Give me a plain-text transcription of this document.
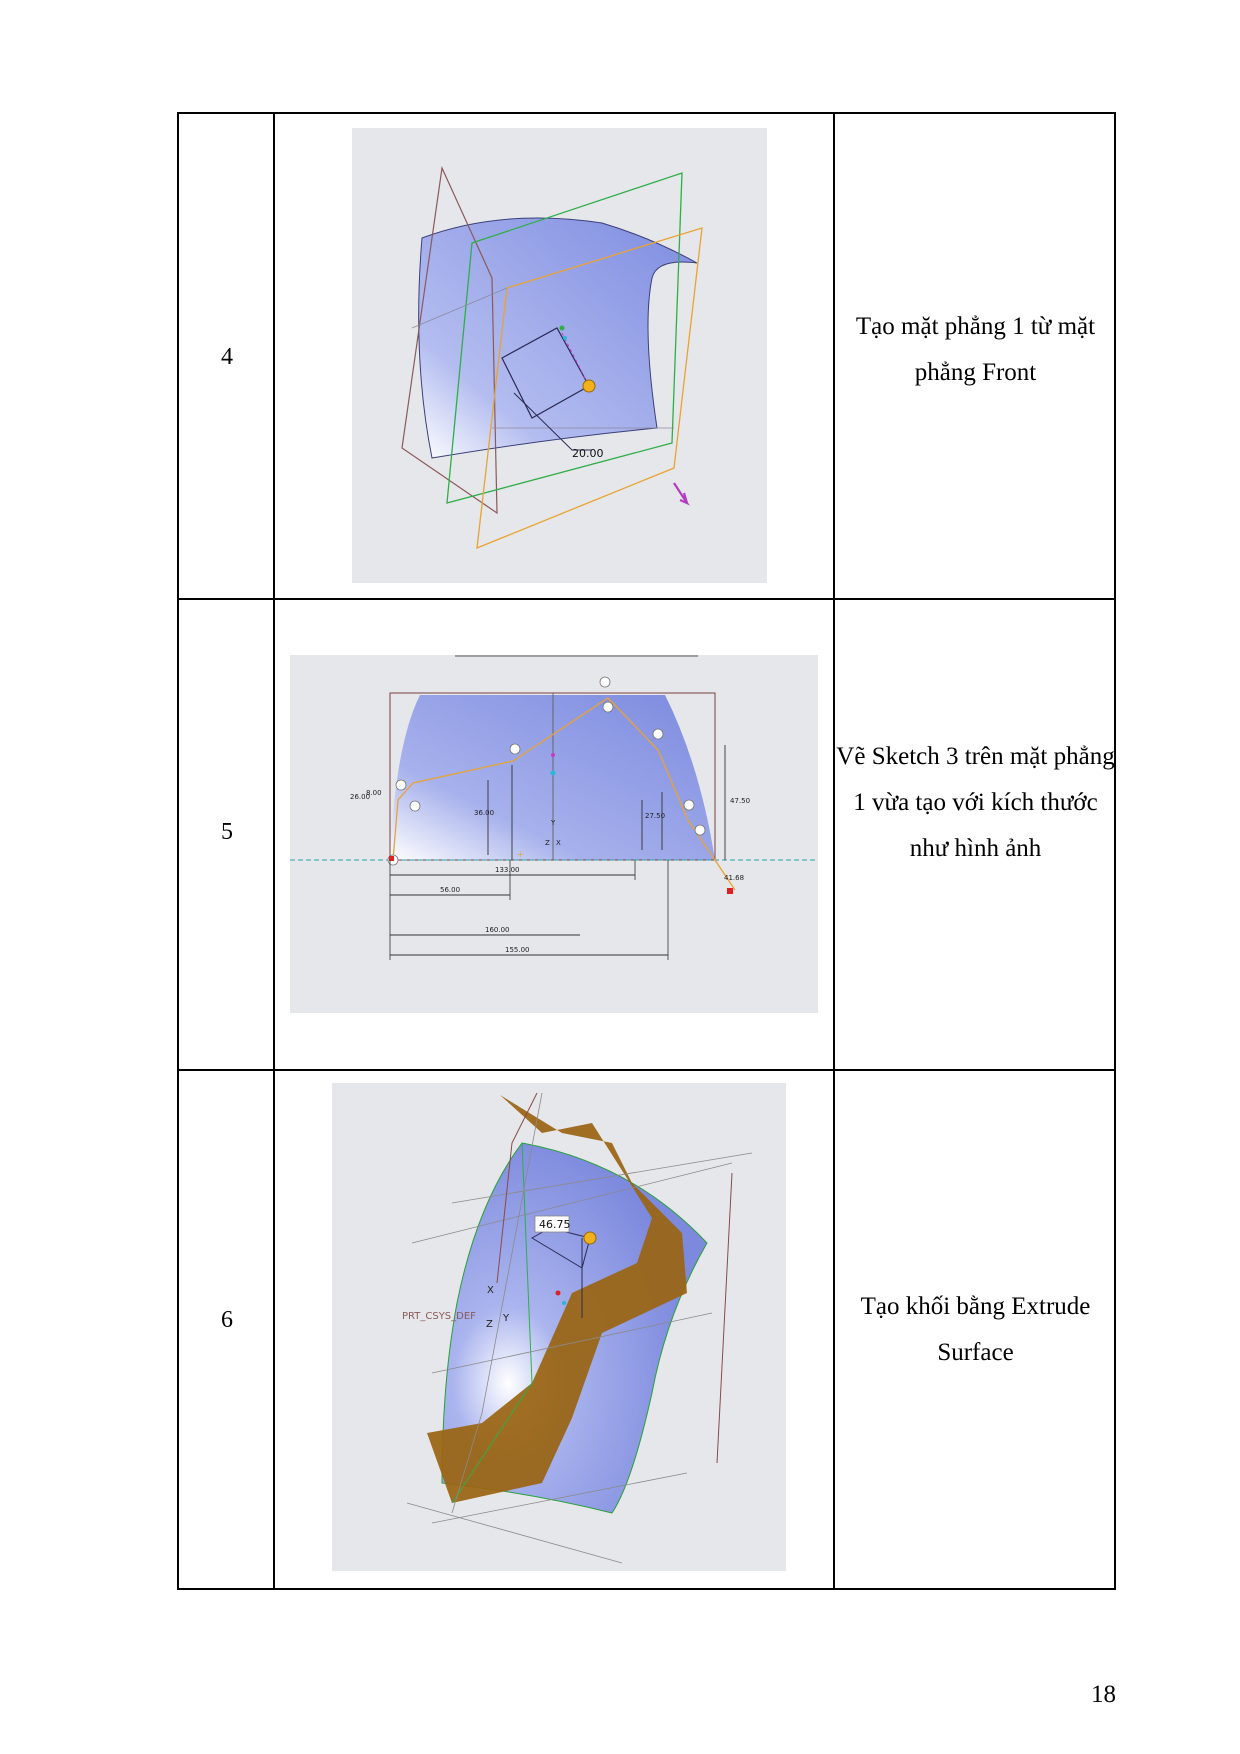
4
20.00
Tạo mặt phẳng 1 từ mặt phẳng Front
5
26.00
8.00
36.00
47.50
27.50
Y
Z X
133.00
56.00
160.00
155.00
41.68
+
Vẽ Sketch 3 trên mặt phẳng 1 vừa tạo với kích thước như hình ảnh
6
46.75
PRT_CSYS_DEF
X
Y
Z
Tạo khối bằng Extrude Surface
18
